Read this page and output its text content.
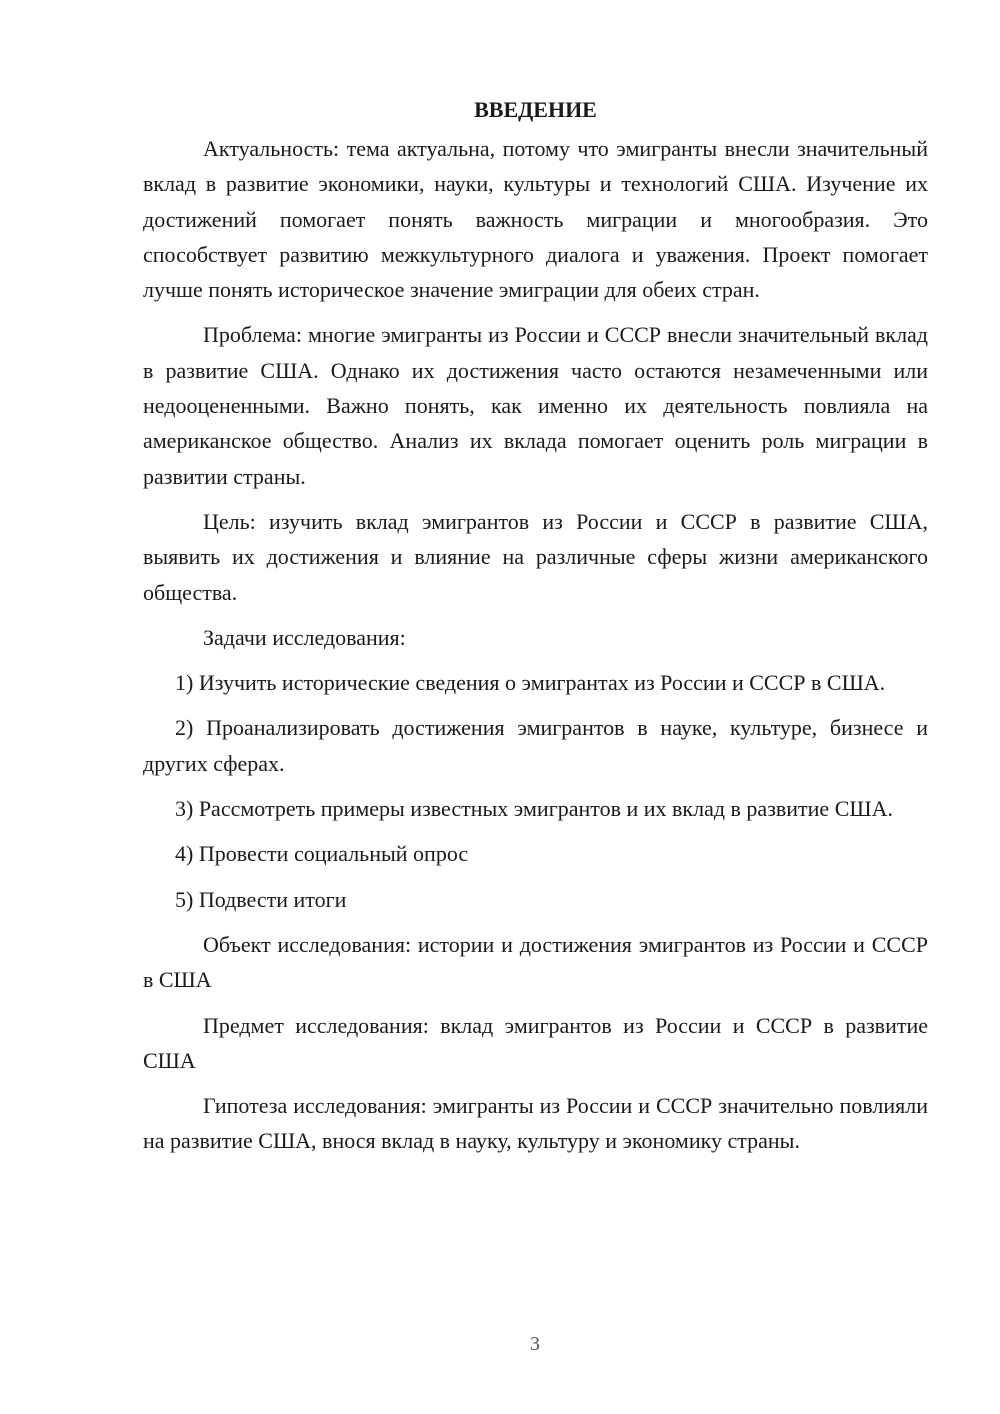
ВВЕДЕНИЕ

Актуальность: тема актуальна, потому что эмигранты внесли значительный вклад в развитие экономики, науки, культуры и технологий США. Изучение их достижений помогает понять важность миграции и многообразия. Это способствует развитию межкультурного диалога и уважения. Проект помогает лучше понять историческое значение эмиграции для обеих стран.

Проблема: многие эмигранты из России и СССР внесли значительный вклад в развитие США. Однако их достижения часто остаются незамеченными или недооцененными. Важно понять, как именно их деятельность повлияла на американское общество. Анализ их вклада помогает оценить роль миграции в развитии страны.

Цель: изучить вклад эмигрантов из России и СССР в развитие США, выявить их достижения и влияние на различные сферы жизни американского общества.

Задачи исследования:

1) Изучить исторические сведения о эмигрантах из России и СССР в США.

2) Проанализировать достижения эмигрантов в науке, культуре, бизнесе и других сферах.

3) Рассмотреть примеры известных эмигрантов и их вклад в развитие США.

4) Провести социальный опрос

5) Подвести итоги

Объект исследования: истории и достижения эмигрантов из России и СССР в США

Предмет исследования: вклад эмигрантов из России и СССР в развитие США

Гипотеза исследования: эмигранты из России и СССР значительно повлияли на развитие США, внося вклад в науку, культуру и экономику страны.

3
